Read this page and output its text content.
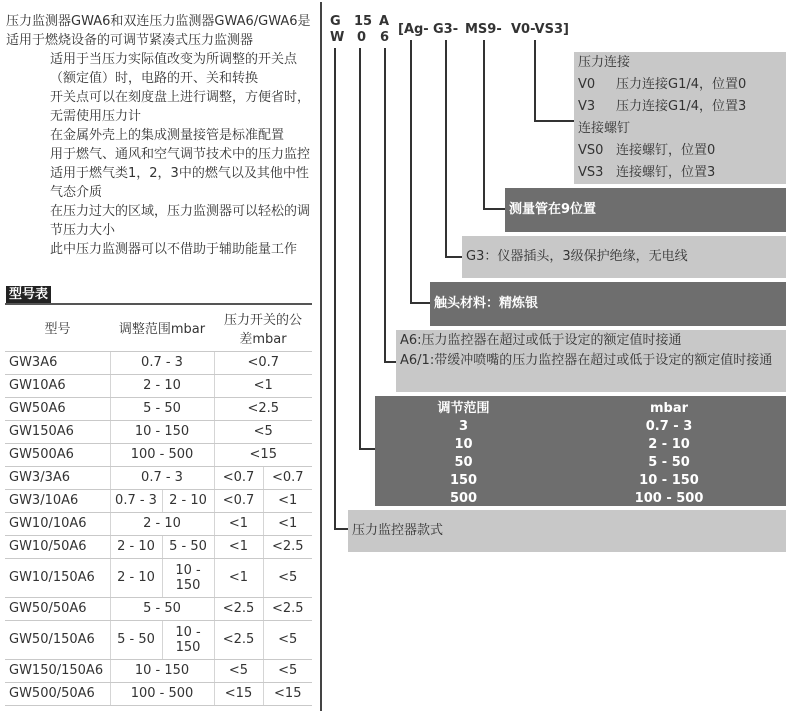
压力监测器GWA6和双连压力监测器GWA6/GWA6是适用于燃烧设备的可调节紧凑式压力监测器
适用于当压力实际值改变为所调整的开关点（额定值）时，电路的开、关和转换
开关点可以在刻度盘上进行调整，方便省时，无需使用压力计
在金属外壳上的集成测量接管是标准配置
用于燃气、通风和空气调节技术中的压力监控
适用于燃气类1，2，3中的燃气以及其他中性气态介质
在压力过大的区域，压力监测器可以轻松的调节压力大小
此中压力监测器可以不借助于辅助能量工作
型号表
型号	调整范围mbar		压力开关的公差mbar	
GW3A6	0.7 - 3		<0.7	
GW10A6	2 - 10		<1	
GW50A6	5 - 50		<2.5	
GW150A6	10 - 150		<5	
GW500A6	100 - 500		<15	
GW3/3A6	0.7 - 3		<0.7	<0.7
GW3/10A6	0.7 - 3	2 - 10	<0.7	<1
GW10/10A6	2 - 10		<1	<1
GW10/50A6	2 - 10	5 - 50	<1	<2.5
GW10/150A6	2 - 10	10 - 150	<1	<5
GW50/50A6	5 - 50		<2.5	<2.5
GW50/150A6	5 - 50	10 - 150	<2.5	<5
GW150/150A6	10 - 150		<5	<5
GW500/50A6	100 - 500		<15	<15
G
W
15
0
A
6
[Ag- G3- MS9- V0-VS3]
压力连接
V0 压力连接G1/4，位置0
V3 压力连接G1/4，位置3
连接螺钉
VS0 连接螺钉，位置0
VS3 连接螺钉，位置3
测量管在9位置
G3：仪器插头，3级保护绝缘，无电线
触头材料：精炼银
A6:压力监控器在超过或低于设定的额定值时接通
A6/1:带缓冲喷嘴的压力监控器在超过或低于设定的额定值时接通
调节范围	mbar
3	0.7 - 3
10	2 - 10
50	5 - 50
150	10 - 150
500	100 - 500
压力监控器款式
